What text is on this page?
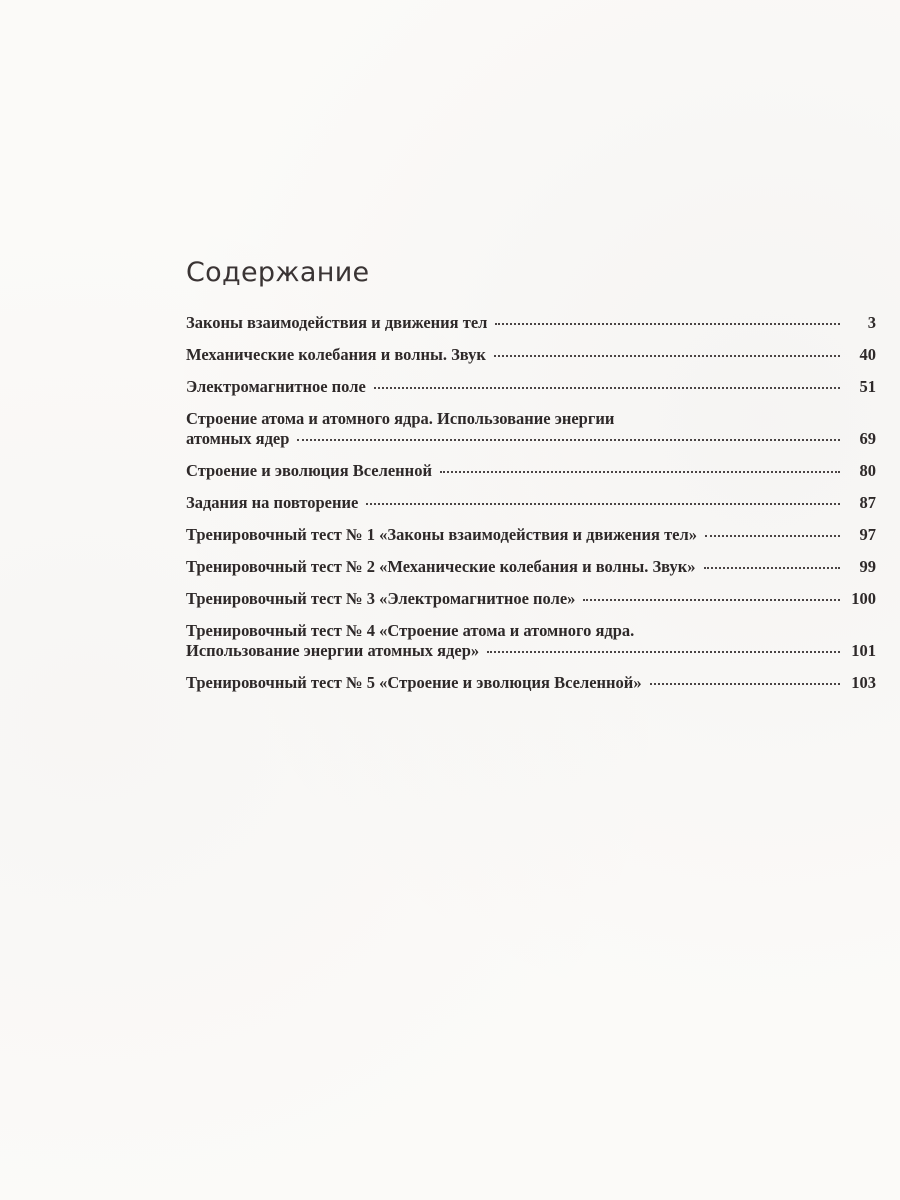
Содержание
Законы взаимодействия и движения тел	3
Механические колебания и волны. Звук	40
Электромагнитное поле	51
Строение атома и атомного ядра. Использование энергии
атомных ядер	69
Строение и эволюция Вселенной	80
Задания на повторение	87
Тренировочный тест № 1 «Законы взаимодействия и движения тел»	97
Тренировочный тест № 2 «Механические колебания и волны. Звук»	99
Тренировочный тест № 3 «Электромагнитное поле»	100
Тренировочный тест № 4 «Строение атома и атомного ядра.
Использование энергии атомных ядер»	101
Тренировочный тест № 5 «Строение и эволюция Вселенной»	103
